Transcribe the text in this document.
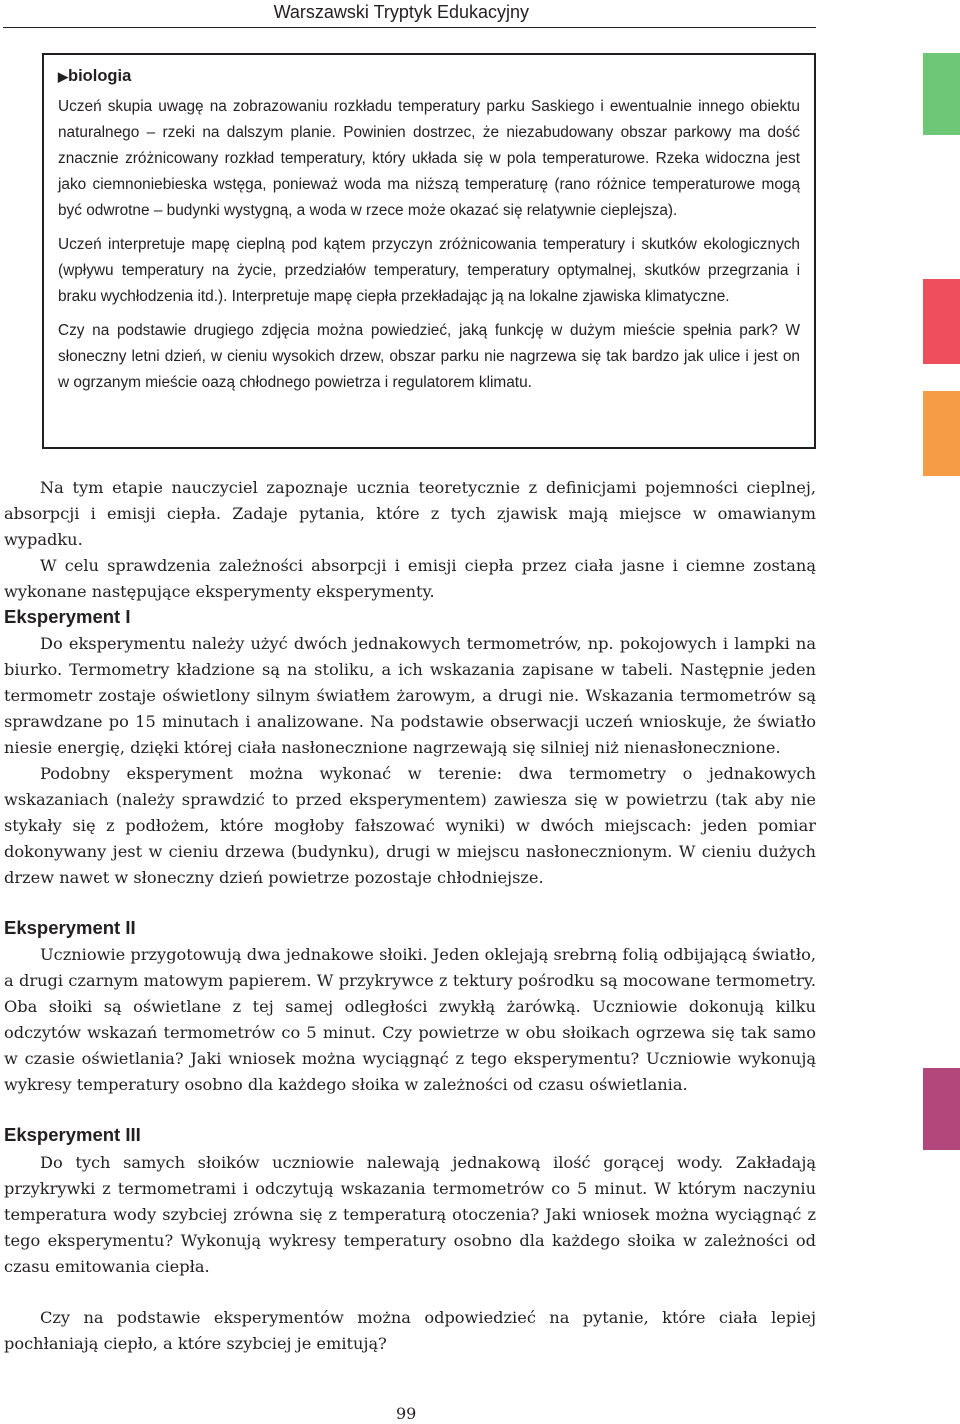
Warszawski Tryptyk Edukacyjny
▶biologia

Uczeń skupia uwagę na zobrazowaniu rozkładu temperatury parku Saskiego i ewentualnie innego obiektu naturalnego – rzeki na dalszym planie. Powinien dostrzec, że niezabudowany obszar parkowy ma dość znacznie zróżnicowany rozkład temperatury, który układa się w pola temperaturowe. Rzeka widoczna jest jako ciemnoniebieska wstęga, ponieważ woda ma niższą temperaturę (rano różnice temperaturowe mogą być odwrotne – budynki wystygną, a woda w rzece może okazać się relatywnie cieplejsza).

Uczeń interpretuje mapę cieplną pod kątem przyczyn zróżnicowania temperatury i skutków ekologicznych (wpływu temperatury na życie, przedziałów temperatury, temperatury optymalnej, skutków przegrzania i braku wychłodzenia itd.). Interpretuje mapę ciepła przekładając ją na lokalne zjawiska klimatyczne.

Czy na podstawie drugiego zdjęcia można powiedzieć, jaką funkcję w dużym mieście spełnia park? W słoneczny letni dzień, w cieniu wysokich drzew, obszar parku nie nagrzewa się tak bardzo jak ulice i jest on w ogrzanym mieście oazą chłodnego powietrza i regulatorem klimatu.

Na tym etapie nauczyciel zapoznaje ucznia teoretycznie z definicjami pojemności cieplnej, absorpcji i emisji ciepła. Zadaje pytania, które z tych zjawisk mają miejsce w omawianym wypadku.

W celu sprawdzenia zależności absorpcji i emisji ciepła przez ciała jasne i ciemne zostaną wykonane następujące eksperymenty eksperymenty.

Eksperyment I

Do eksperymentu należy użyć dwóch jednakowych termometrów, np. pokojowych i lampki na biurko. Termometry kładzione są na stoliku, a ich wskazania zapisane w tabeli. Następnie jeden termometr zostaje oświetlony silnym światłem żarowym, a drugi nie. Wskazania termometrów są sprawdzane po 15 minutach i analizowane. Na podstawie obserwacji uczeń wnioskuje, że światło niesie energię, dzięki której ciała nasłonecznione nagrzewają się silniej niż nienasłonecznione.

Podobny eksperyment można wykonać w terenie: dwa termometry o jednakowych wskazaniach (należy sprawdzić to przed eksperymentem) zawiesza się w powietrzu (tak aby nie stykały się z podłożem, które mogłoby fałszować wyniki) w dwóch miejscach: jeden pomiar dokonywany jest w cieniu drzewa (budynku), drugi w miejscu nasłonecznionym. W cieniu dużych drzew nawet w słoneczny dzień powietrze pozostaje chłodniejsze.

Eksperyment II

Uczniowie przygotowują dwa jednakowe słoiki. Jeden oklejają srebrną folią odbijającą światło, a drugi czarnym matowym papierem. W przykrywce z tektury pośrodku są mocowane termometry. Oba słoiki są oświetlane z tej samej odległości zwykłą żarówką. Uczniowie dokonują kilku odczytów wskazań termometrów co 5 minut. Czy powietrze w obu słoikach ogrzewa się tak samo w czasie oświetlania? Jaki wniosek można wyciągnąć z tego eksperymentu? Uczniowie wykonują wykresy temperatury osobno dla każdego słoika w zależności od czasu oświetlania.

Eksperyment III

Do tych samych słoików uczniowie nalewają jednakową ilość gorącej wody. Zakładają przykrywki z termometrami i odczytują wskazania termometrów co 5 minut. W którym naczyniu temperatura wody szybciej zrówna się z temperaturą otoczenia? Jaki wniosek można wyciągnąć z tego eksperymentu? Wykonują wykresy temperatury osobno dla każdego słoika w zależności od czasu emitowania ciepła.

Czy na podstawie eksperymentów można odpowiedzieć na pytanie, które ciała lepiej pochłaniają ciepło, a które szybciej je emitują?

99
